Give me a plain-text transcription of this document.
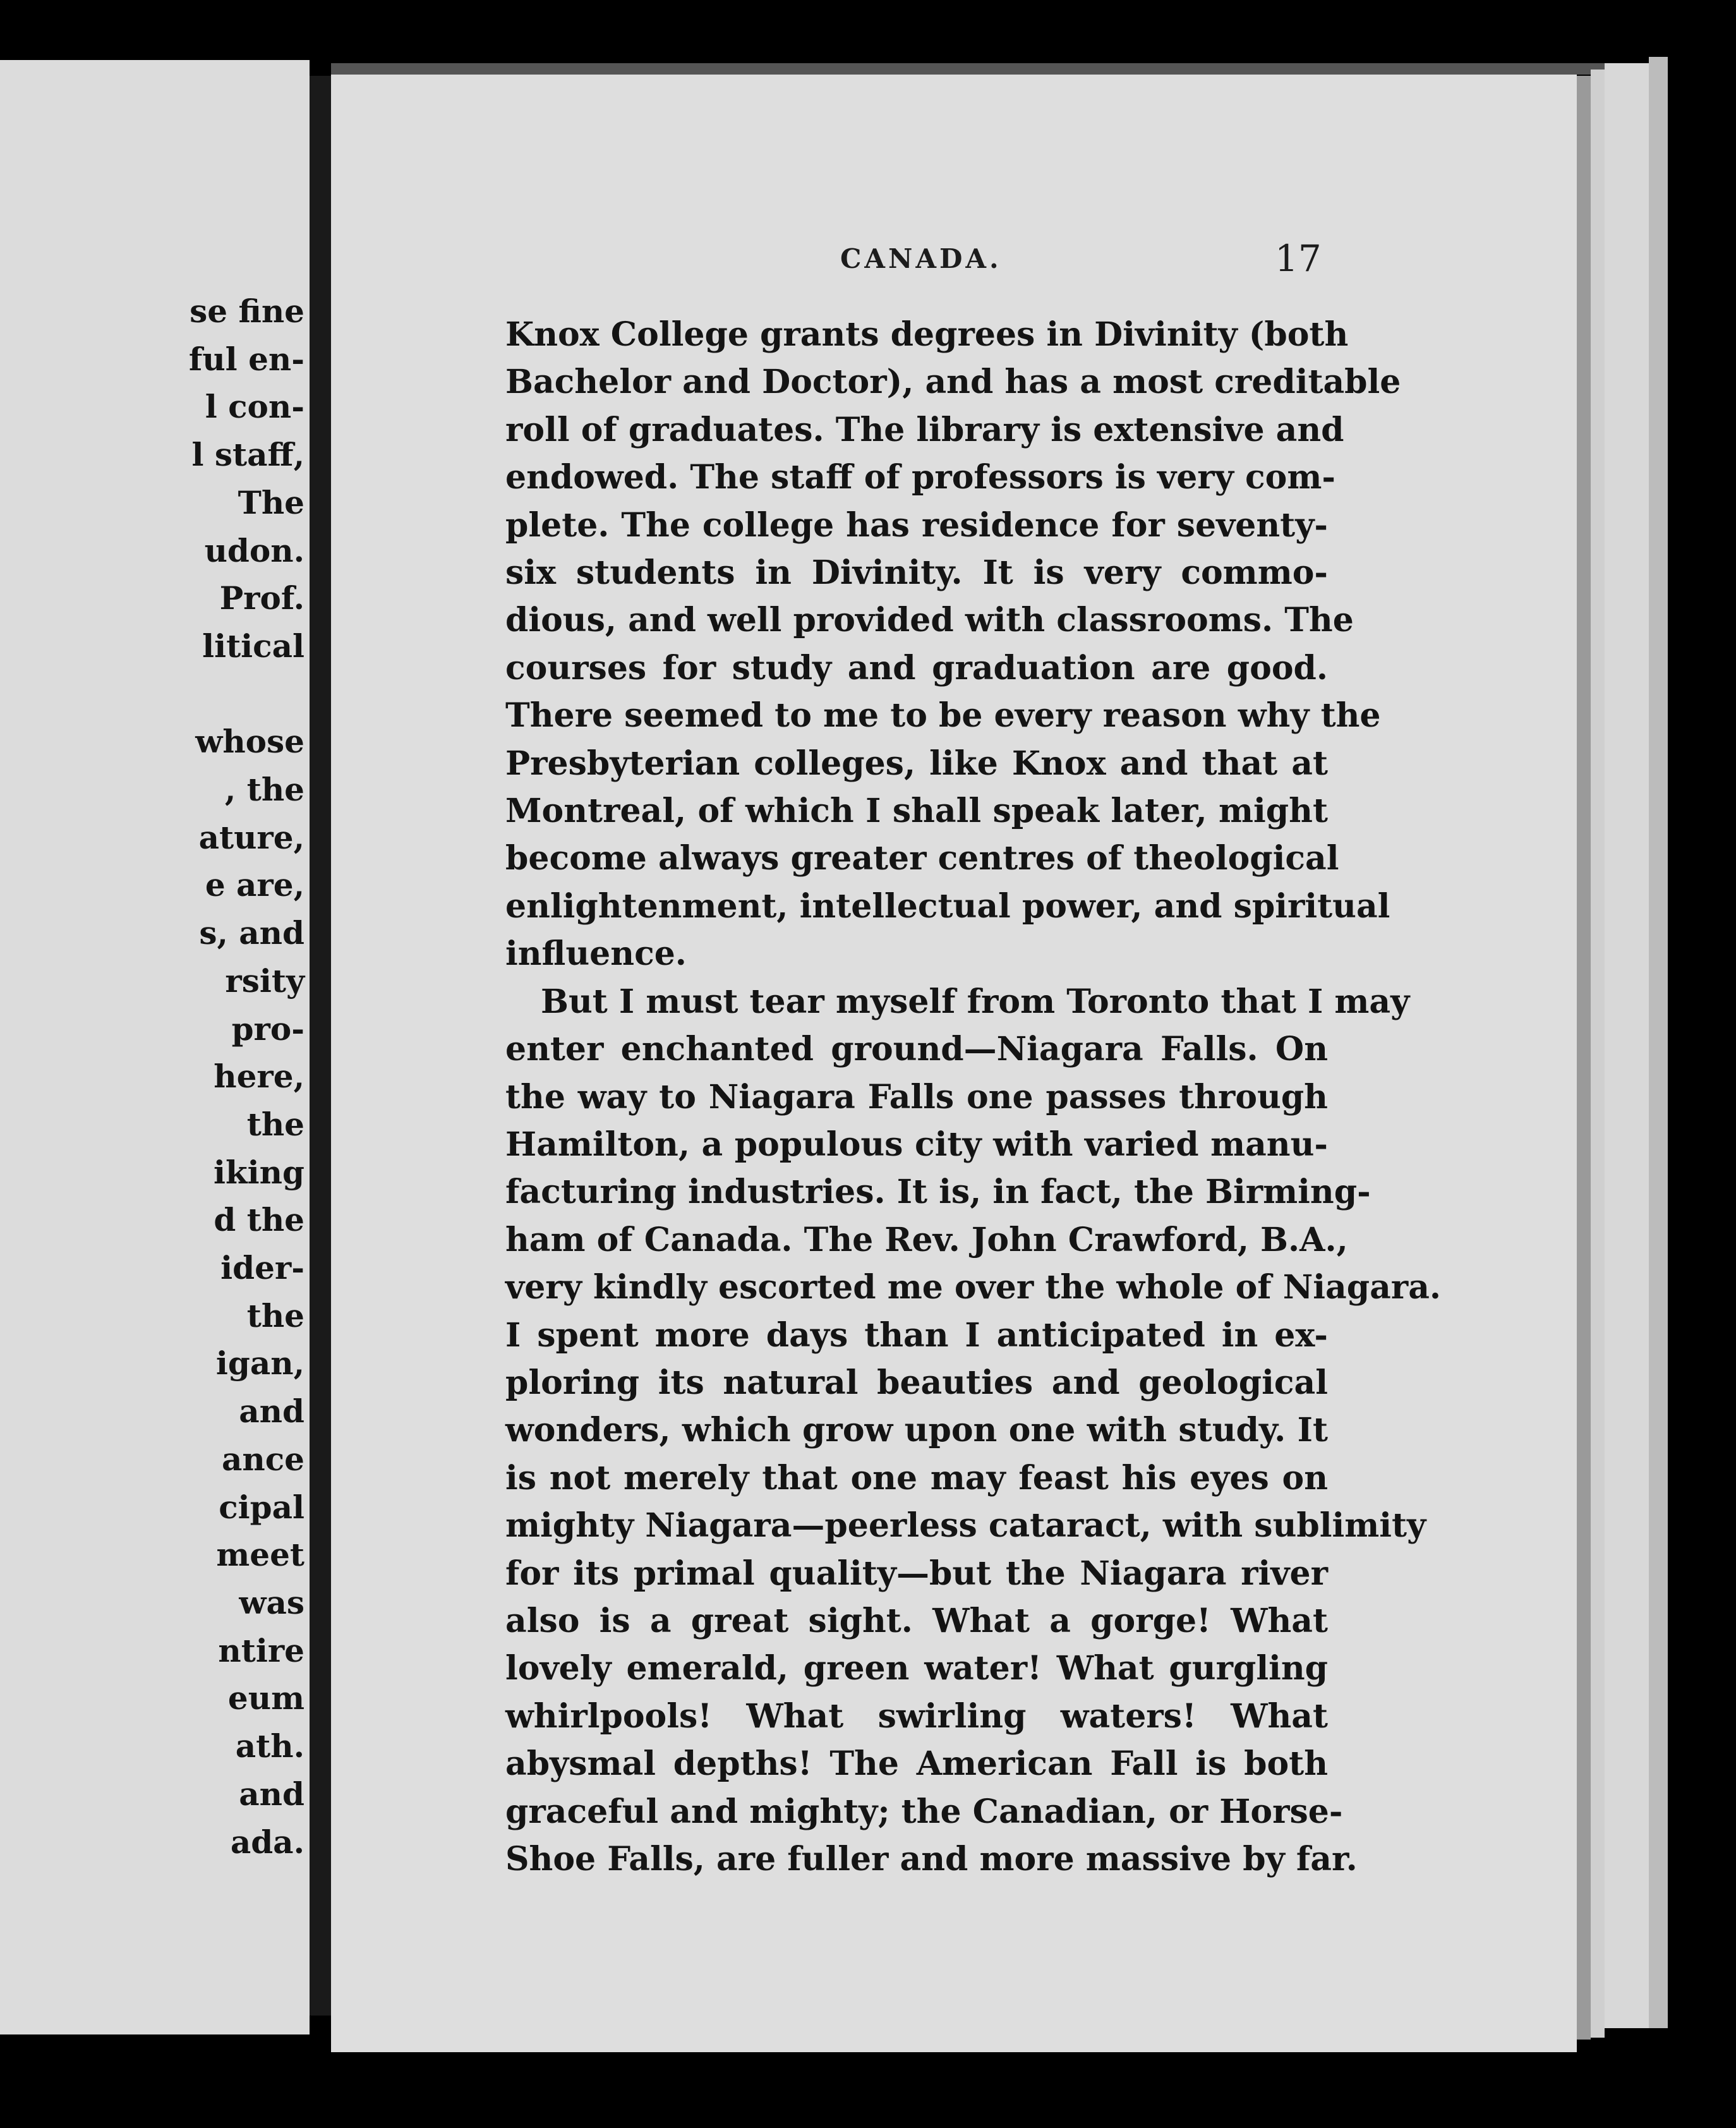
se fine
ful en-
l con-
l staff,
The
udon.
Prof.
litical

whose
, the
ature,
e are,
s, and
rsity
pro-
here,
the
iking
d the
ider-
the
igan,
and
ance
cipal
meet
was
ntire
eum
ath.
and
ada.
CANADA.	17
Knox College grants degrees in Divinity (both
Bachelor and Doctor), and has a most creditable
roll of graduates. The library is extensive and
endowed. The staff of professors is very com-
plete. The college has residence for seventy-
six students in Divinity. It is very commo-
dious, and well provided with classrooms. The
courses for study and graduation are good.
There seemed to me to be every reason why the
Presbyterian colleges, like Knox and that at
Montreal, of which I shall speak later, might
become always greater centres of theological
enlightenment, intellectual power, and spiritual
influence.
But I must tear myself from Toronto that I may
enter enchanted ground—Niagara Falls. On
the way to Niagara Falls one passes through
Hamilton, a populous city with varied manu-
facturing industries. It is, in fact, the Birming-
ham of Canada. The Rev. John Crawford, B.A.,
very kindly escorted me over the whole of Niagara.
I spent more days than I anticipated in ex-
ploring its natural beauties and geological
wonders, which grow upon one with study. It
is not merely that one may feast his eyes on
mighty Niagara—peerless cataract, with sublimity
for its primal quality—but the Niagara river
also is a great sight. What a gorge! What
lovely emerald, green water! What gurgling
whirlpools! What swirling waters! What
abysmal depths! The American Fall is both
graceful and mighty; the Canadian, or Horse-
Shoe Falls, are fuller and more massive by far.
